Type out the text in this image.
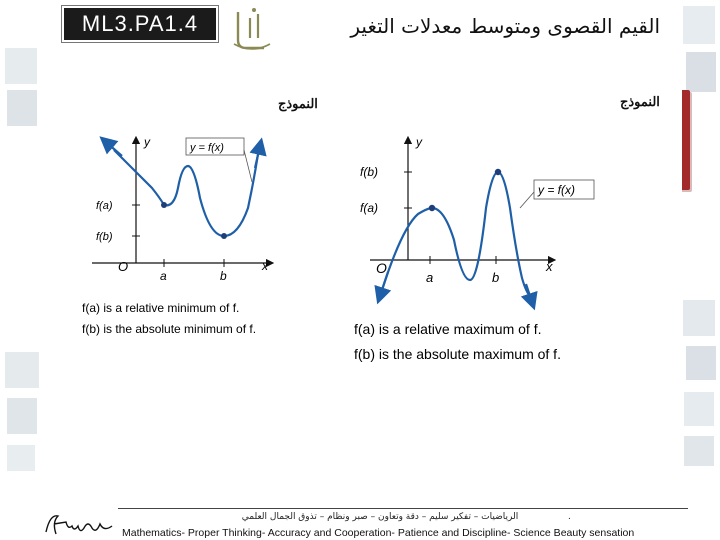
ML3.PA1.4	القيم القصوى ومتوسط معدلات التغير
النموذج
y
x
O
f(a)
f(b)
a	b
y = f(x)
f(a) is a relative minimum of f.
f(b) is the absolute minimum of f.
النموذج
y
x
O
f(b)
f(a)
a	b
y = f(x)
f(a) is a relative maximum of f.
f(b) is the absolute maximum of f.
.
الرياضيات – تفكير سليم – دقة وتعاون – صبر ونظام – تذوق الجمال العلمي
Mathematics- Proper Thinking- Accuracy and Cooperation- Patience and Discipline- Science Beauty sensation
